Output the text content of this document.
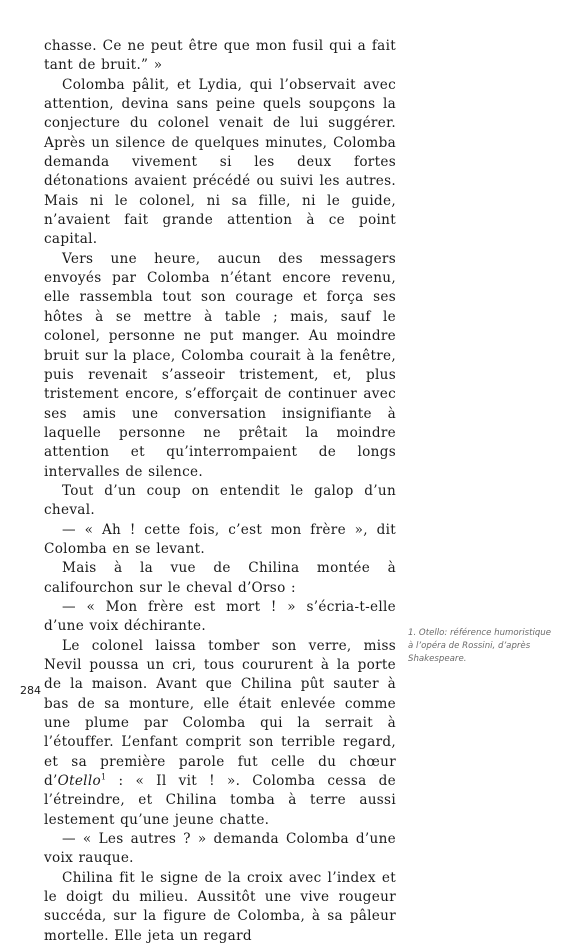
chasse. Ce ne peut être que mon fusil qui a fait tant de bruit.” »

Colomba pâlit, et Lydia, qui l’observait avec attention, devina sans peine quels soupçons la conjecture du colonel venait de lui suggérer. Après un silence de quelques minutes, Colomba demanda vivement si les deux fortes détonations avaient précédé ou suivi les autres. Mais ni le colonel, ni sa fille, ni le guide, n’avaient fait grande attention à ce point capital.

Vers une heure, aucun des messagers envoyés par Colomba n’étant encore revenu, elle rassembla tout son courage et força ses hôtes à se mettre à table ; mais, sauf le colonel, personne ne put manger. Au moindre bruit sur la place, Colomba courait à la fenêtre, puis revenait s’asseoir tristement, et, plus tristement encore, s’efforçait de continuer avec ses amis une conversation insignifiante à laquelle personne ne prêtait la moindre attention et qu’interrompaient de longs intervalles de silence.

Tout d’un coup on entendit le galop d’un cheval.

— « Ah ! cette fois, c’est mon frère », dit Colomba en se levant.

Mais à la vue de Chilina montée à califourchon sur le cheval d’Orso :

— « Mon frère est mort ! » s’écria-t-elle d’une voix déchirante.

Le colonel laissa tomber son verre, miss Nevil poussa un cri, tous coururent à la porte de la maison. Avant que Chilina pût sauter à bas de sa monture, elle était enlevée comme une plume par Colomba qui la serrait à l’étouffer. L’enfant comprit son terrible regard, et sa première parole fut celle du chœur d’Otello$^1$ : « Il vit ! ». Colomba cessa de l’étreindre, et Chilina tomba à terre aussi lestement qu’une jeune chatte.

— « Les autres ? » demanda Colomba d’une voix rauque.

Chilina fit le signe de la croix avec l’index et le doigt du milieu. Aussitôt une vive rougeur succéda, sur la figure de Colomba, à sa pâleur mortelle. Elle jeta un regard

1. Otello: référence humoristique à l’opéra de Rossini, d’après Shakespeare.
284
